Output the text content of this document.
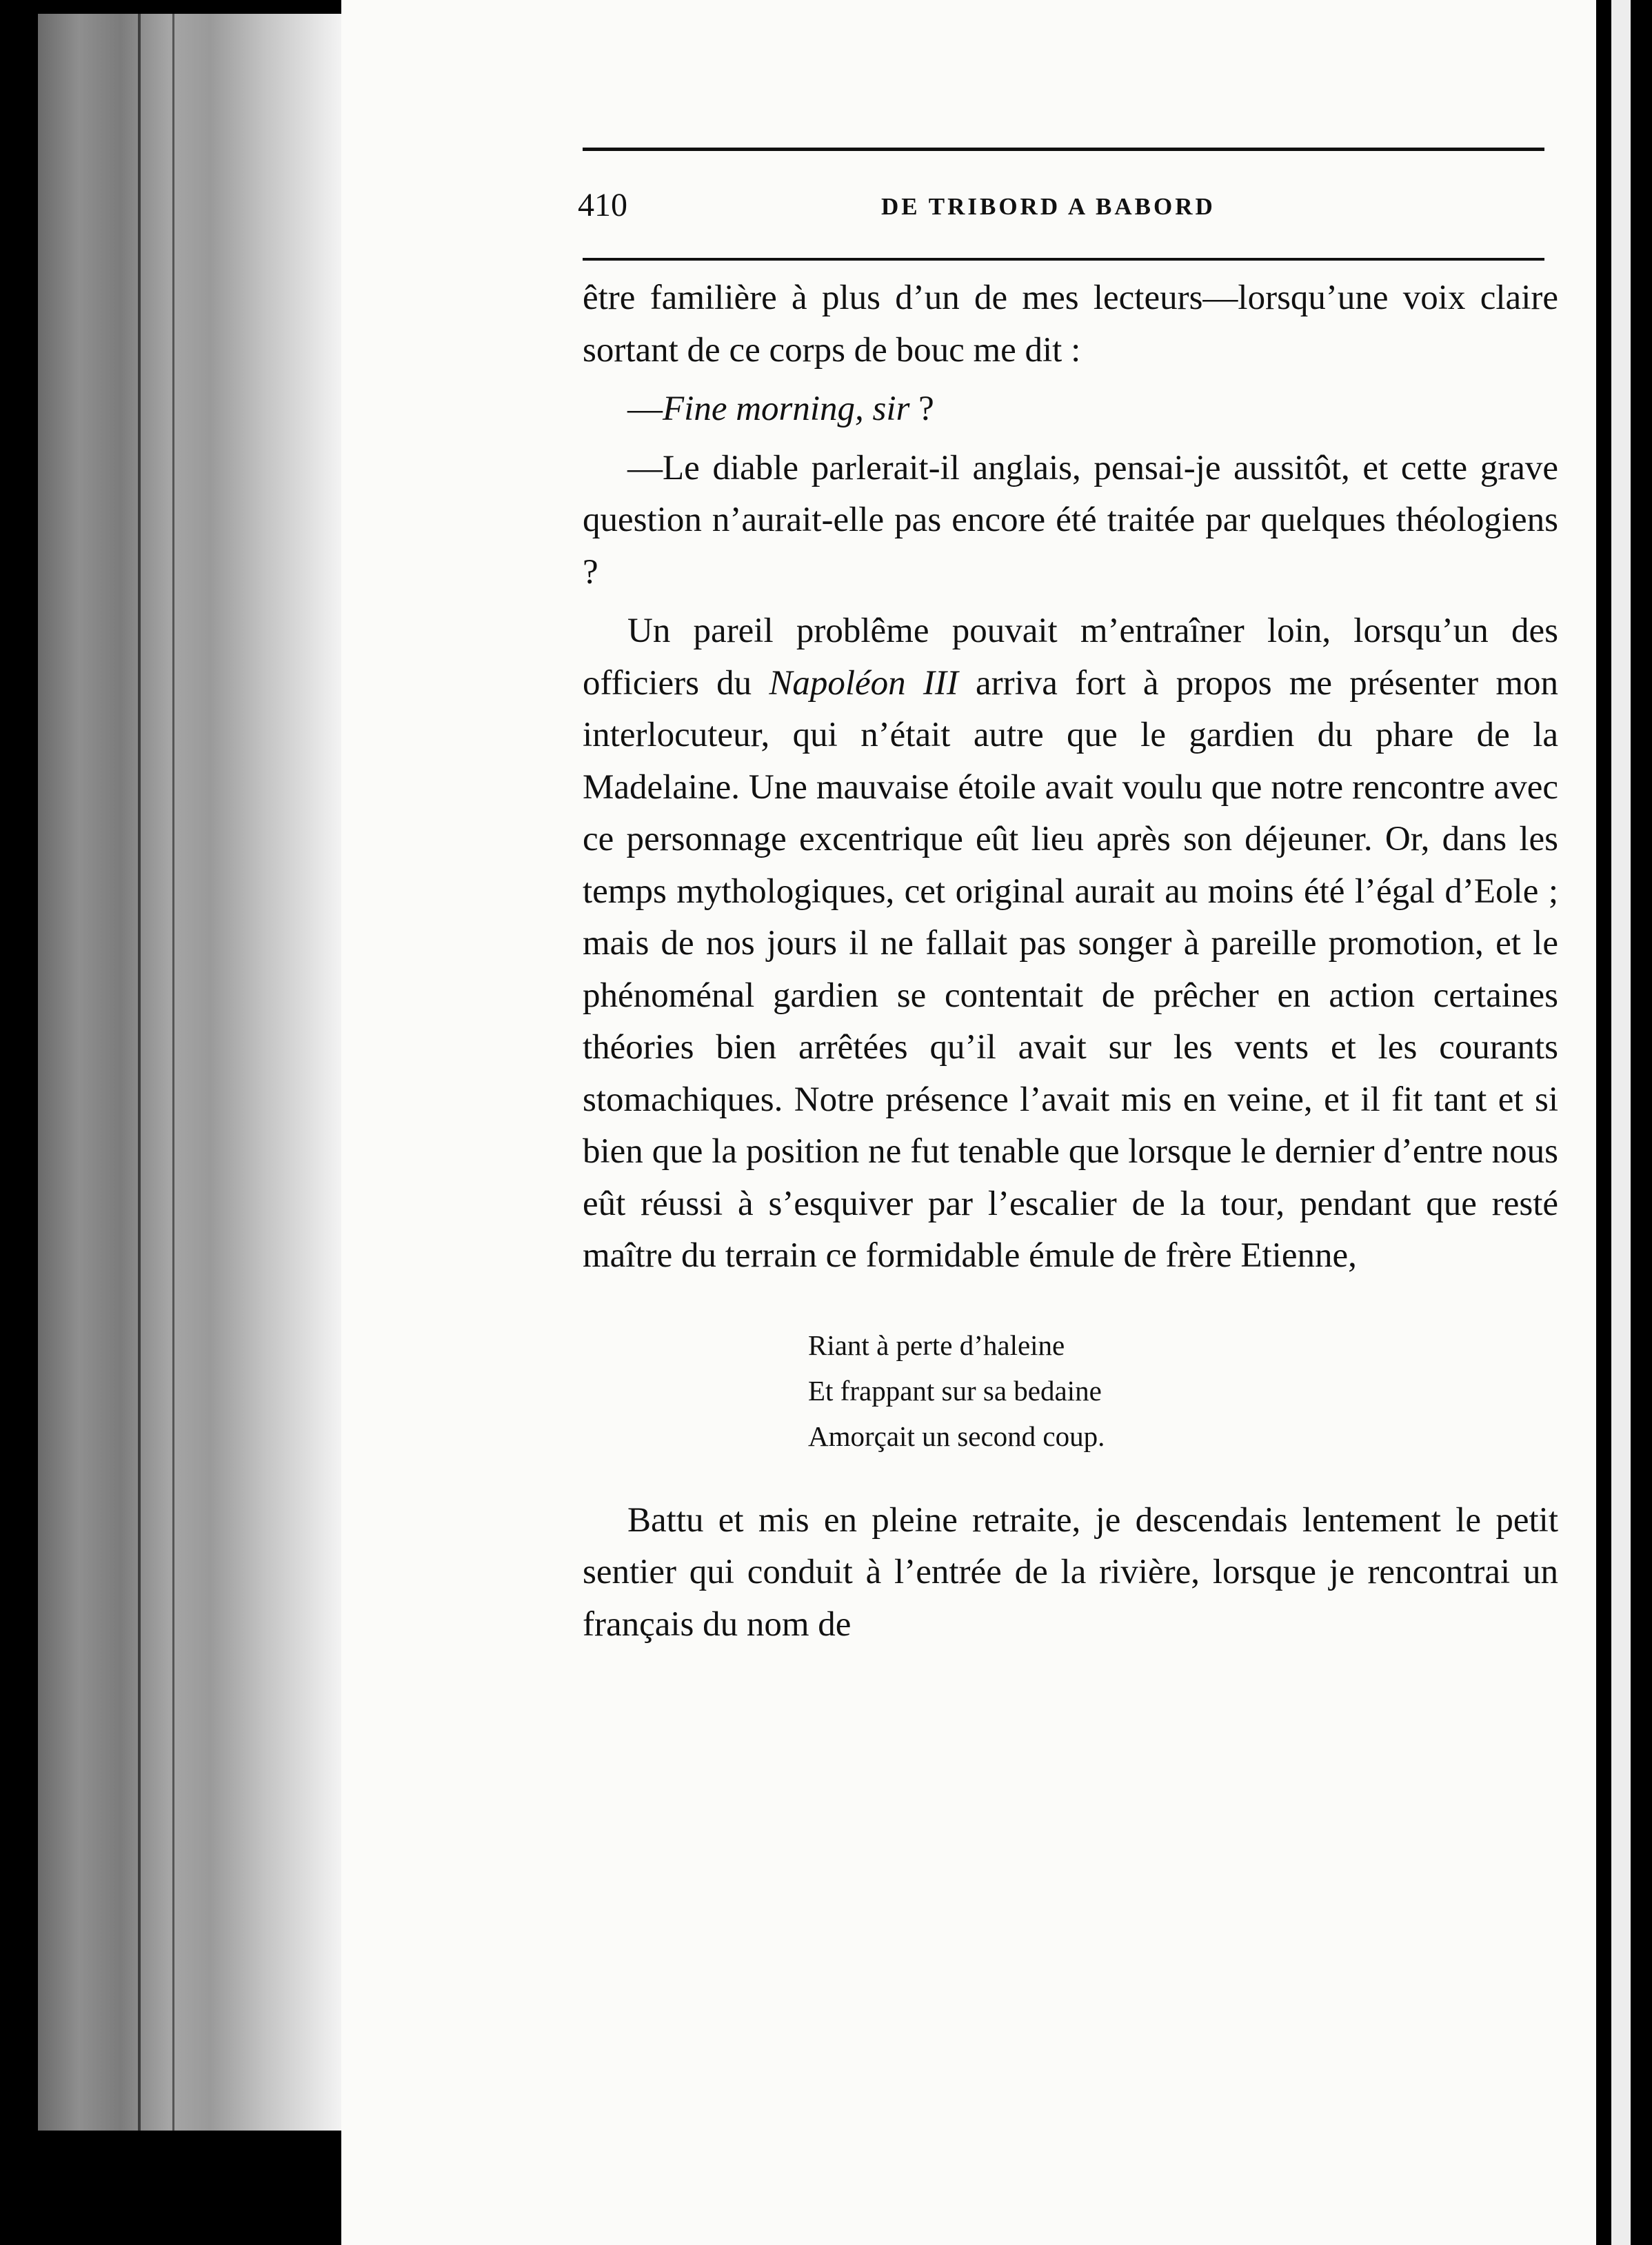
410	DE TRIBORD A BABORD

être familière à plus d’un de mes lecteurs—lorsqu’une voix claire sortant de ce corps de bouc me dit :

—Fine morning, sir ?

—Le diable parlerait-il anglais, pensai-je aussitôt, et cette grave question n’aurait-elle pas encore été traitée par quelques théologiens ?

Un pareil problême pouvait m’entraîner loin, lorsqu’un des officiers du Napoléon III arriva fort à propos me présenter mon interlocuteur, qui n’était autre que le gardien du phare de la Madelaine. Une mauvaise étoile avait voulu que notre rencontre avec ce personnage excentrique eût lieu après son déjeuner. Or, dans les temps mythologiques, cet original aurait au moins été l’égal d’Eole ; mais de nos jours il ne fallait pas songer à pareille promotion, et le phénoménal gardien se contentait de prêcher en action certaines théories bien arrêtées qu’il avait sur les vents et les courants stomachiques. Notre présence l’avait mis en veine, et il fit tant et si bien que la position ne fut tenable que lorsque le dernier d’entre nous eût réussi à s’esquiver par l’escalier de la tour, pendant que resté maître du terrain ce formidable émule de frère Etienne,

Riant à perte d’haleine
Et frappant sur sa bedaine
Amorçait un second coup.

Battu et mis en pleine retraite, je descendais lentement le petit sentier qui conduit à l’entrée de la rivière, lorsque je rencontrai un français du nom de
